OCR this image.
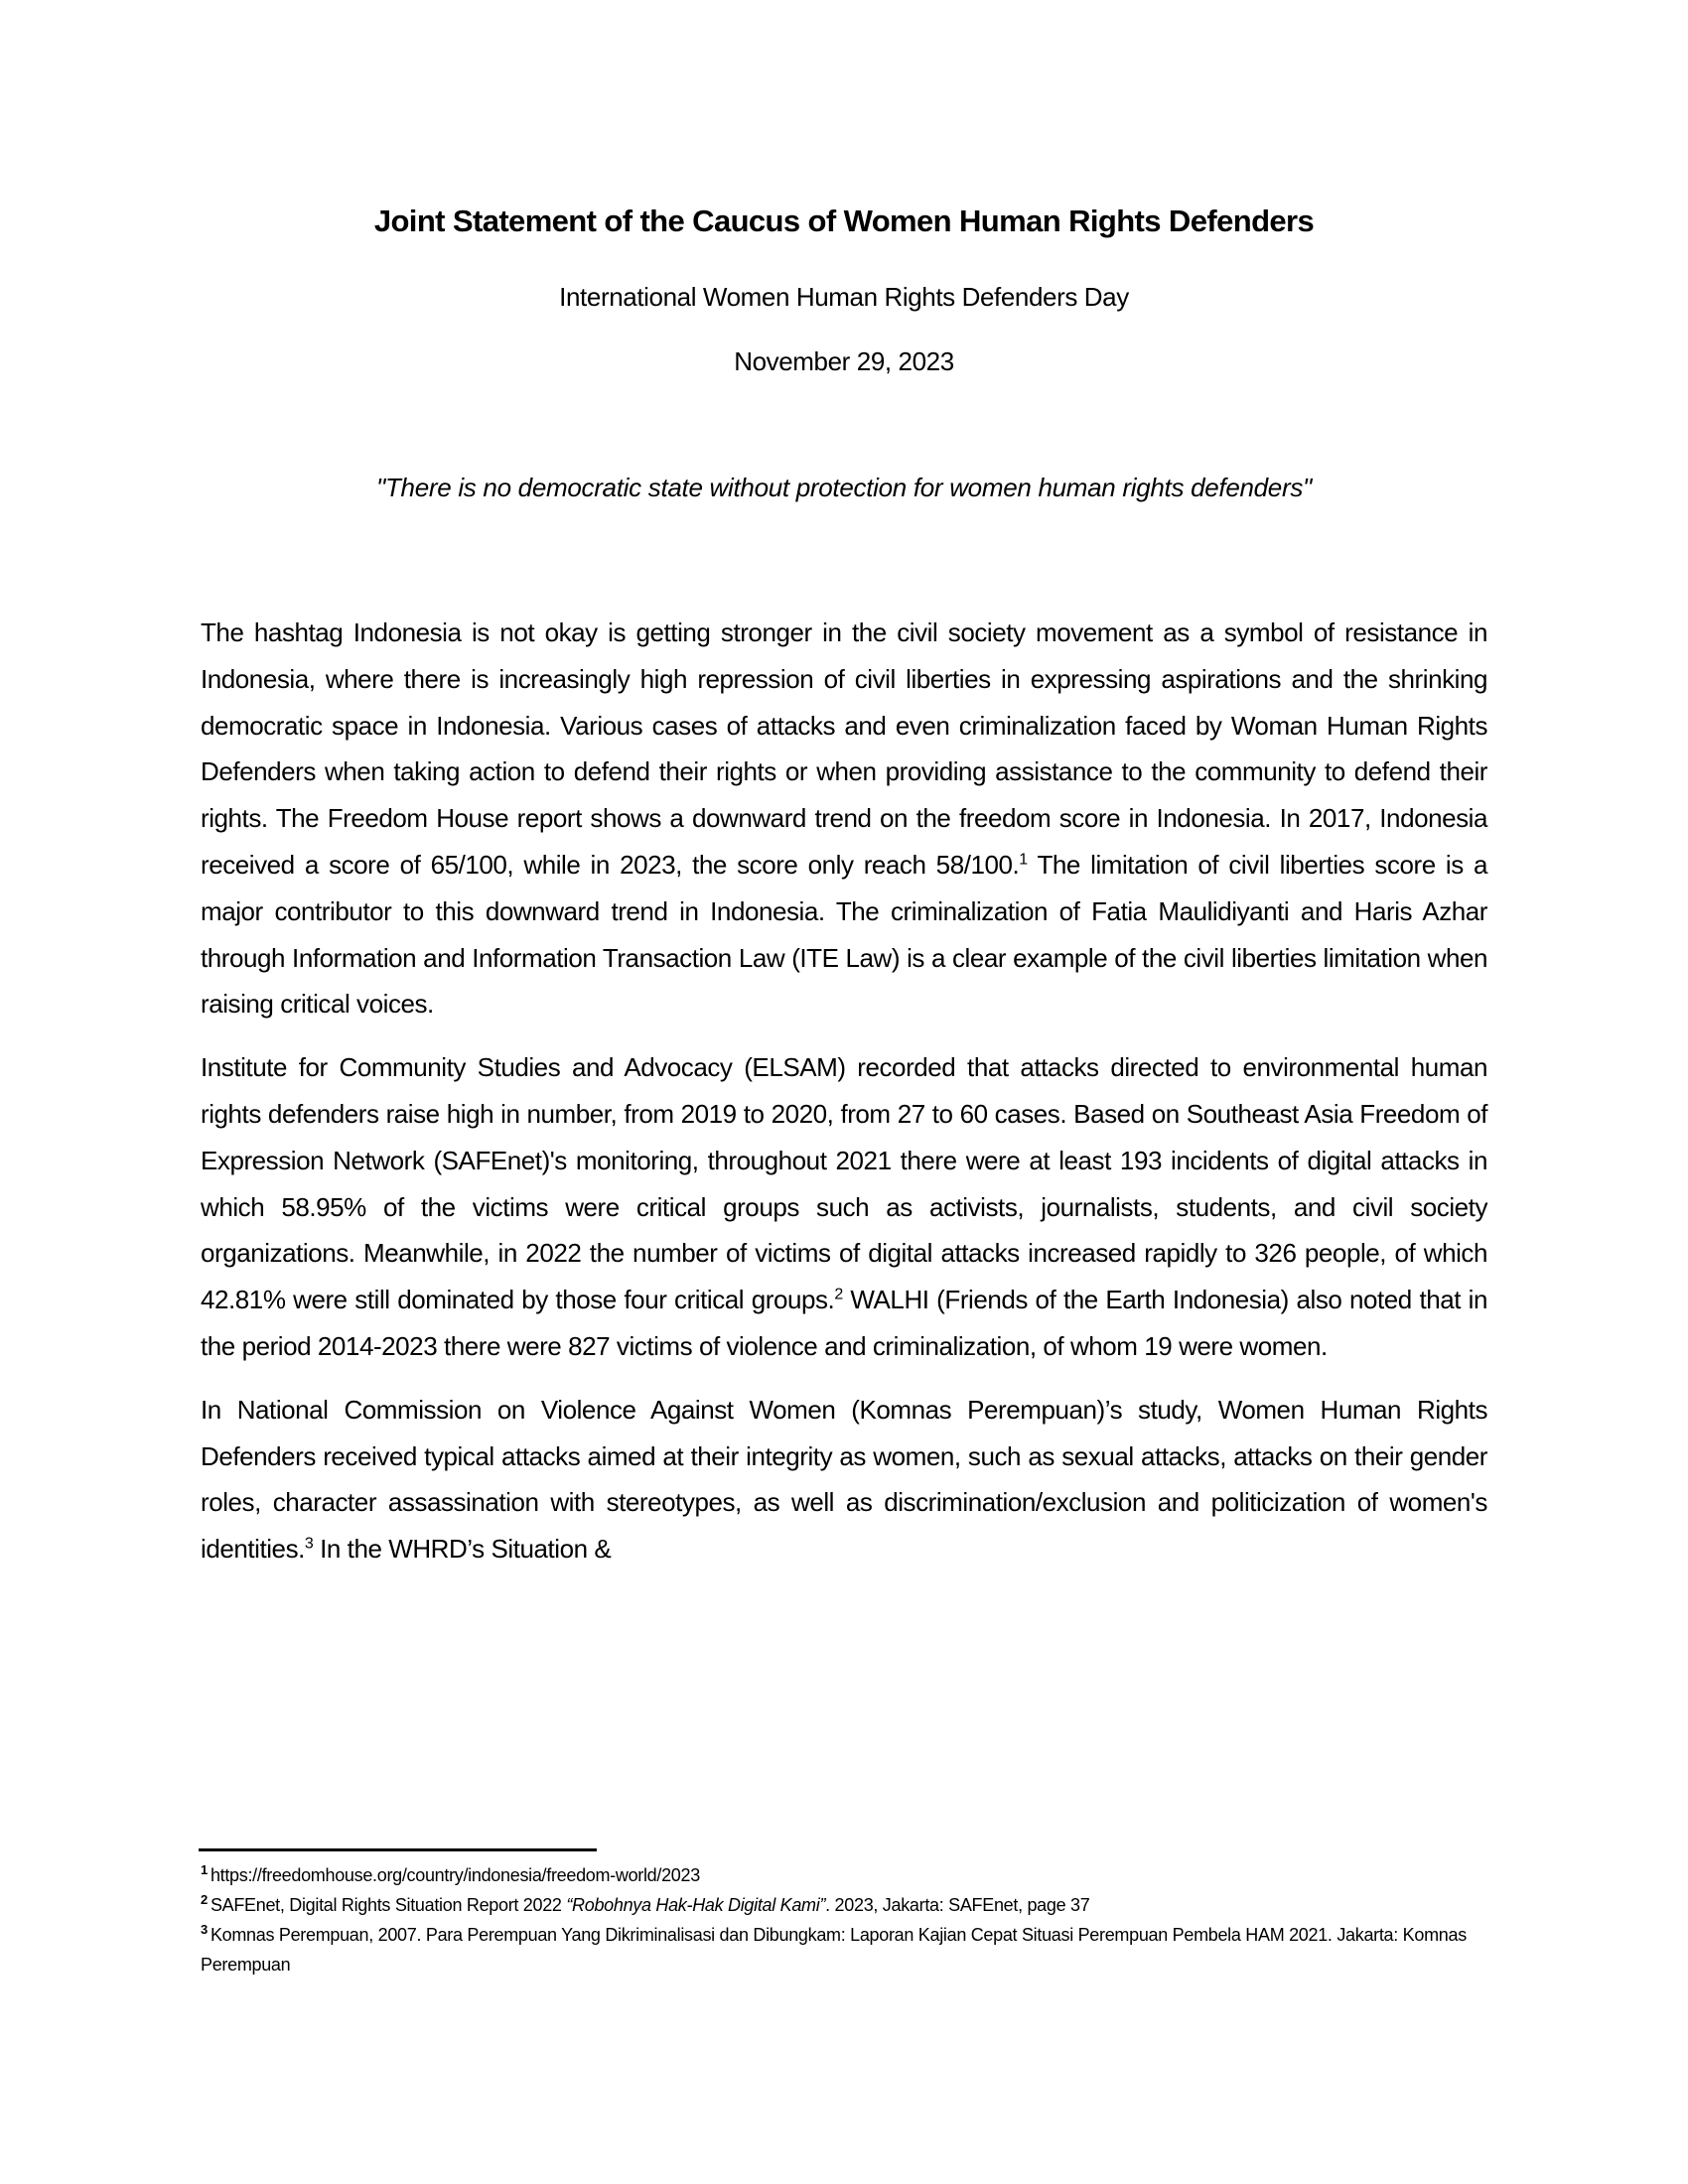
Joint Statement of the Caucus of Women Human Rights Defenders
International Women Human Rights Defenders Day
November 29, 2023
"There is no democratic state without protection for women human rights defenders"

The hashtag Indonesia is not okay is getting stronger in the civil society movement as a symbol of resistance in Indonesia, where there is increasingly high repression of civil liberties in expressing aspirations and the shrinking democratic space in Indonesia. Various cases of attacks and even criminalization faced by Woman Human Rights Defenders when taking action to defend their rights or when providing assistance to the community to defend their rights. The Freedom House report shows a downward trend on the freedom score in Indonesia. In 2017, Indonesia received a score of 65/100, while in 2023, the score only reach 58/100.$^1$ The limitation of civil liberties score is a major contributor to this downward trend in Indonesia. The criminalization of Fatia Maulidiyanti and Haris Azhar through Information and Information Transaction Law (ITE Law) is a clear example of the civil liberties limitation when raising critical voices.

Institute for Community Studies and Advocacy (ELSAM) recorded that attacks directed to environmental human rights defenders raise high in number, from 2019 to 2020, from 27 to 60 cases. Based on Southeast Asia Freedom of Expression Network (SAFEnet)'s monitoring, throughout 2021 there were at least 193 incidents of digital attacks in which 58.95% of the victims were critical groups such as activists, journalists, students, and civil society organizations. Meanwhile, in 2022 the number of victims of digital attacks increased rapidly to 326 people, of which 42.81% were still dominated by those four critical groups.$^2$ WALHI (Friends of the Earth Indonesia) also noted that in the period 2014-2023 there were 827 victims of violence and criminalization, of whom 19 were women.

In National Commission on Violence Against Women (Komnas Perempuan)’s study, Women Human Rights Defenders received typical attacks aimed at their integrity as women, such as sexual attacks, attacks on their gender roles, character assassination with stereotypes, as well as discrimination/exclusion and politicization of women's identities.$^3$ In the WHRD’s Situation &

$^1$ https://freedomhouse.org/country/indonesia/freedom-world/2023

$^2$ SAFEnet, Digital Rights Situation Report 2022 “Robohnya Hak-Hak Digital Kami”. 2023, Jakarta: SAFEnet, page 37

$^3$ Komnas Perempuan, 2007. Para Perempuan Yang Dikriminalisasi dan Dibungkam: Laporan Kajian Cepat Situasi Perempuan Pembela HAM 2021. Jakarta: Komnas Perempuan
